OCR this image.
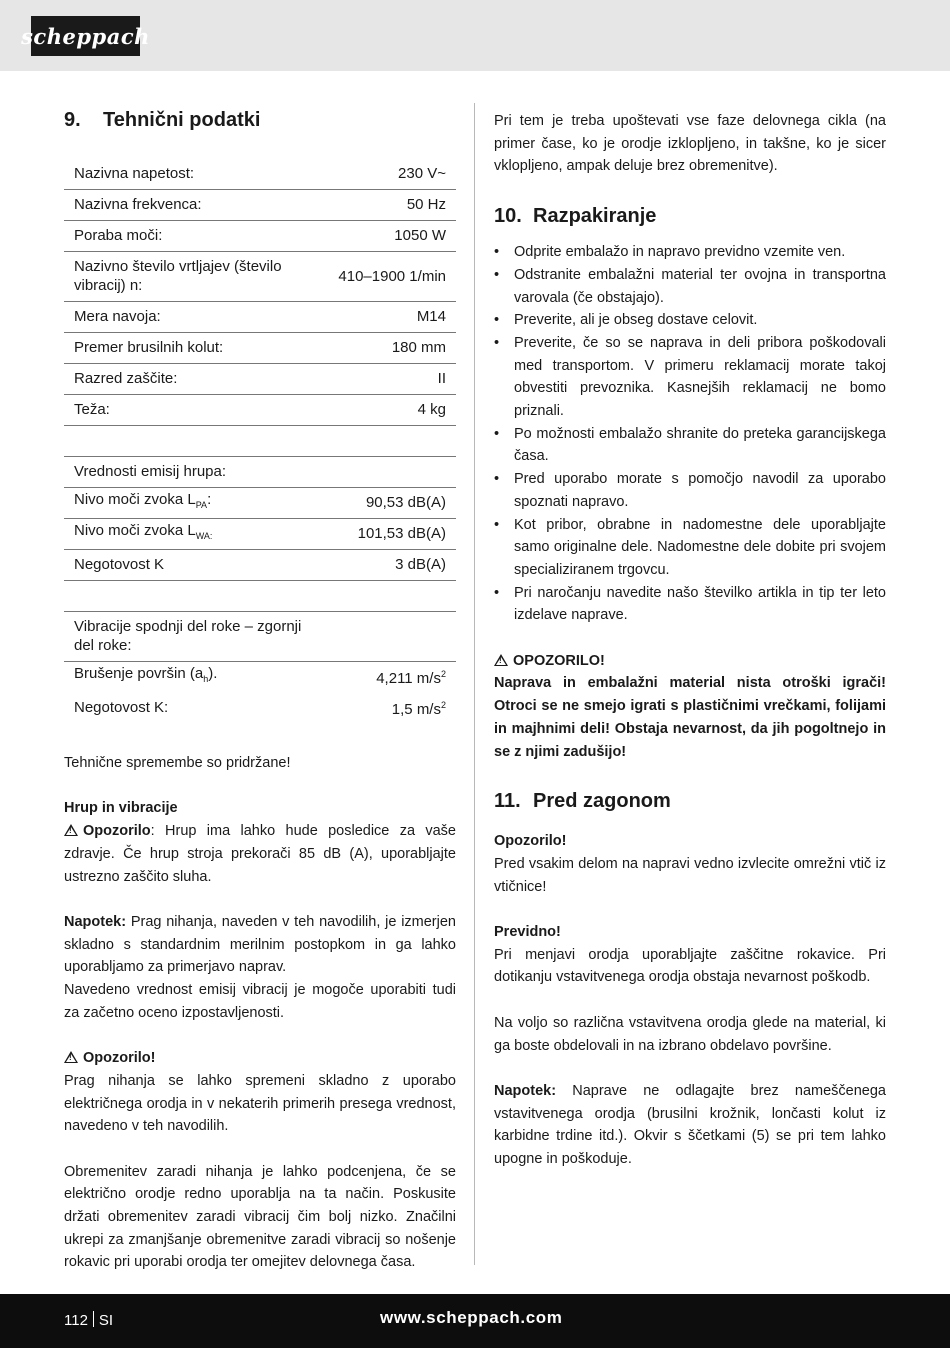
scheppach
9.	Tehnični podatki
Nazivna napetost:	230 V~
Nazivna frekvenca:	50 Hz
Poraba moči:	1050 W
Nazivno število vrtljajev (število vibracij) n:	410–1900 1/min
Mera navoja:	M14
Premer brusilnih kolut:	180 mm
Razred zaščite:	II
Teža:	4 kg

Vrednosti emisij hrupa:	
Nivo moči zvoka $L_{PA}$:	90,53 dB(A)
Nivo moči zvoka $L_{WA:}$	101,53 dB(A)
Negotovost K	3 dB(A)

Vibracije spodnji del roke – zgornji del roke:	
Brušenje površin $(a_h)$.	4,211 $m/s^2$
Negotovost K:	1,5 $m/s^2$
Tehnične spremembe so pridržane!
Hrup in vibracije
!Opozorilo: Hrup ima lahko hude posledice za vaše zdravje. Če hrup stroja prekorači 85 dB (A), uporabljajte ustrezno zaščito sluha.
Napotek: Prag nihanja, naveden v teh navodilih, je izmerjen skladno s standardnim merilnim postopkom in ga lahko uporabljamo za primerjavo naprav.
Navedeno vrednost emisij vibracij je mogoče uporabiti tudi za začetno oceno izpostavljenosti.
!Opozorilo!
Prag nihanja se lahko spremeni skladno z uporabo električnega orodja in v nekaterih primerih presega vrednost, navedeno v teh navodilih.
Obremenitev zaradi nihanja je lahko podcenjena, če se električno orodje redno uporablja na ta način. Poskusite držati obremenitev zaradi vibracij čim bolj nizko. Značilni ukrepi za zmanjšanje obremenitve zaradi vibracij so nošenje rokavic pri uporabi orodja ter omejitev delovnega časa.
Pri tem je treba upoštevati vse faze delovnega cikla (na primer čase, ko je orodje izklopljeno, in takšne, ko je sicer vklopljeno, ampak deluje brez obremenitve).
10. Razpakiranje
• Odprite embalažo in napravo previdno vzemite ven.
• Odstranite embalažni material ter ovojna in transportna varovala (če obstajajo).
• Preverite, ali je obseg dostave celovit.
• Preverite, če so se naprava in deli pribora poškodovali med transportom. V primeru reklamacij morate takoj obvestiti prevoznika. Kasnejših reklamacij ne bomo priznali.
• Po možnosti embalažo shranite do preteka garancijskega časa.
• Pred uporabo morate s pomočjo navodil za uporabo spoznati napravo.
• Kot pribor, obrabne in nadomestne dele uporabljajte samo originalne dele. Nadomestne dele dobite pri svojem specializiranem trgovcu.
• Pri naročanju navedite našo številko artikla in tip ter leto izdelave naprave.
!OPOZORILO!
Naprava in embalažni material nista otroški igrači! Otroci se ne smejo igrati s plastičnimi vrečkami, folijami in majhnimi deli! Obstaja nevarnost, da jih pogoltnejo in se z njimi zadušijo!
11. Pred zagonom
Opozorilo!
Pred vsakim delom na napravi vedno izvlecite omrežni vtič iz vtičnice!
Previdno!
Pri menjavi orodja uporabljajte zaščitne rokavice. Pri dotikanju vstavitvenega orodja obstaja nevarnost poškodb.
Na voljo so različna vstavitvena orodja glede na material, ki ga boste obdelovali in na izbrano obdelavo površine.
Napotek: Naprave ne odlagajte brez nameščenega vstavitvenega orodja (brusilni krožnik, lončasti kolut iz karbidne trdine itd.). Okvir s ščetkami (5) se pri tem lahko upogne in poškoduje.
112 SI	www.scheppach.com
